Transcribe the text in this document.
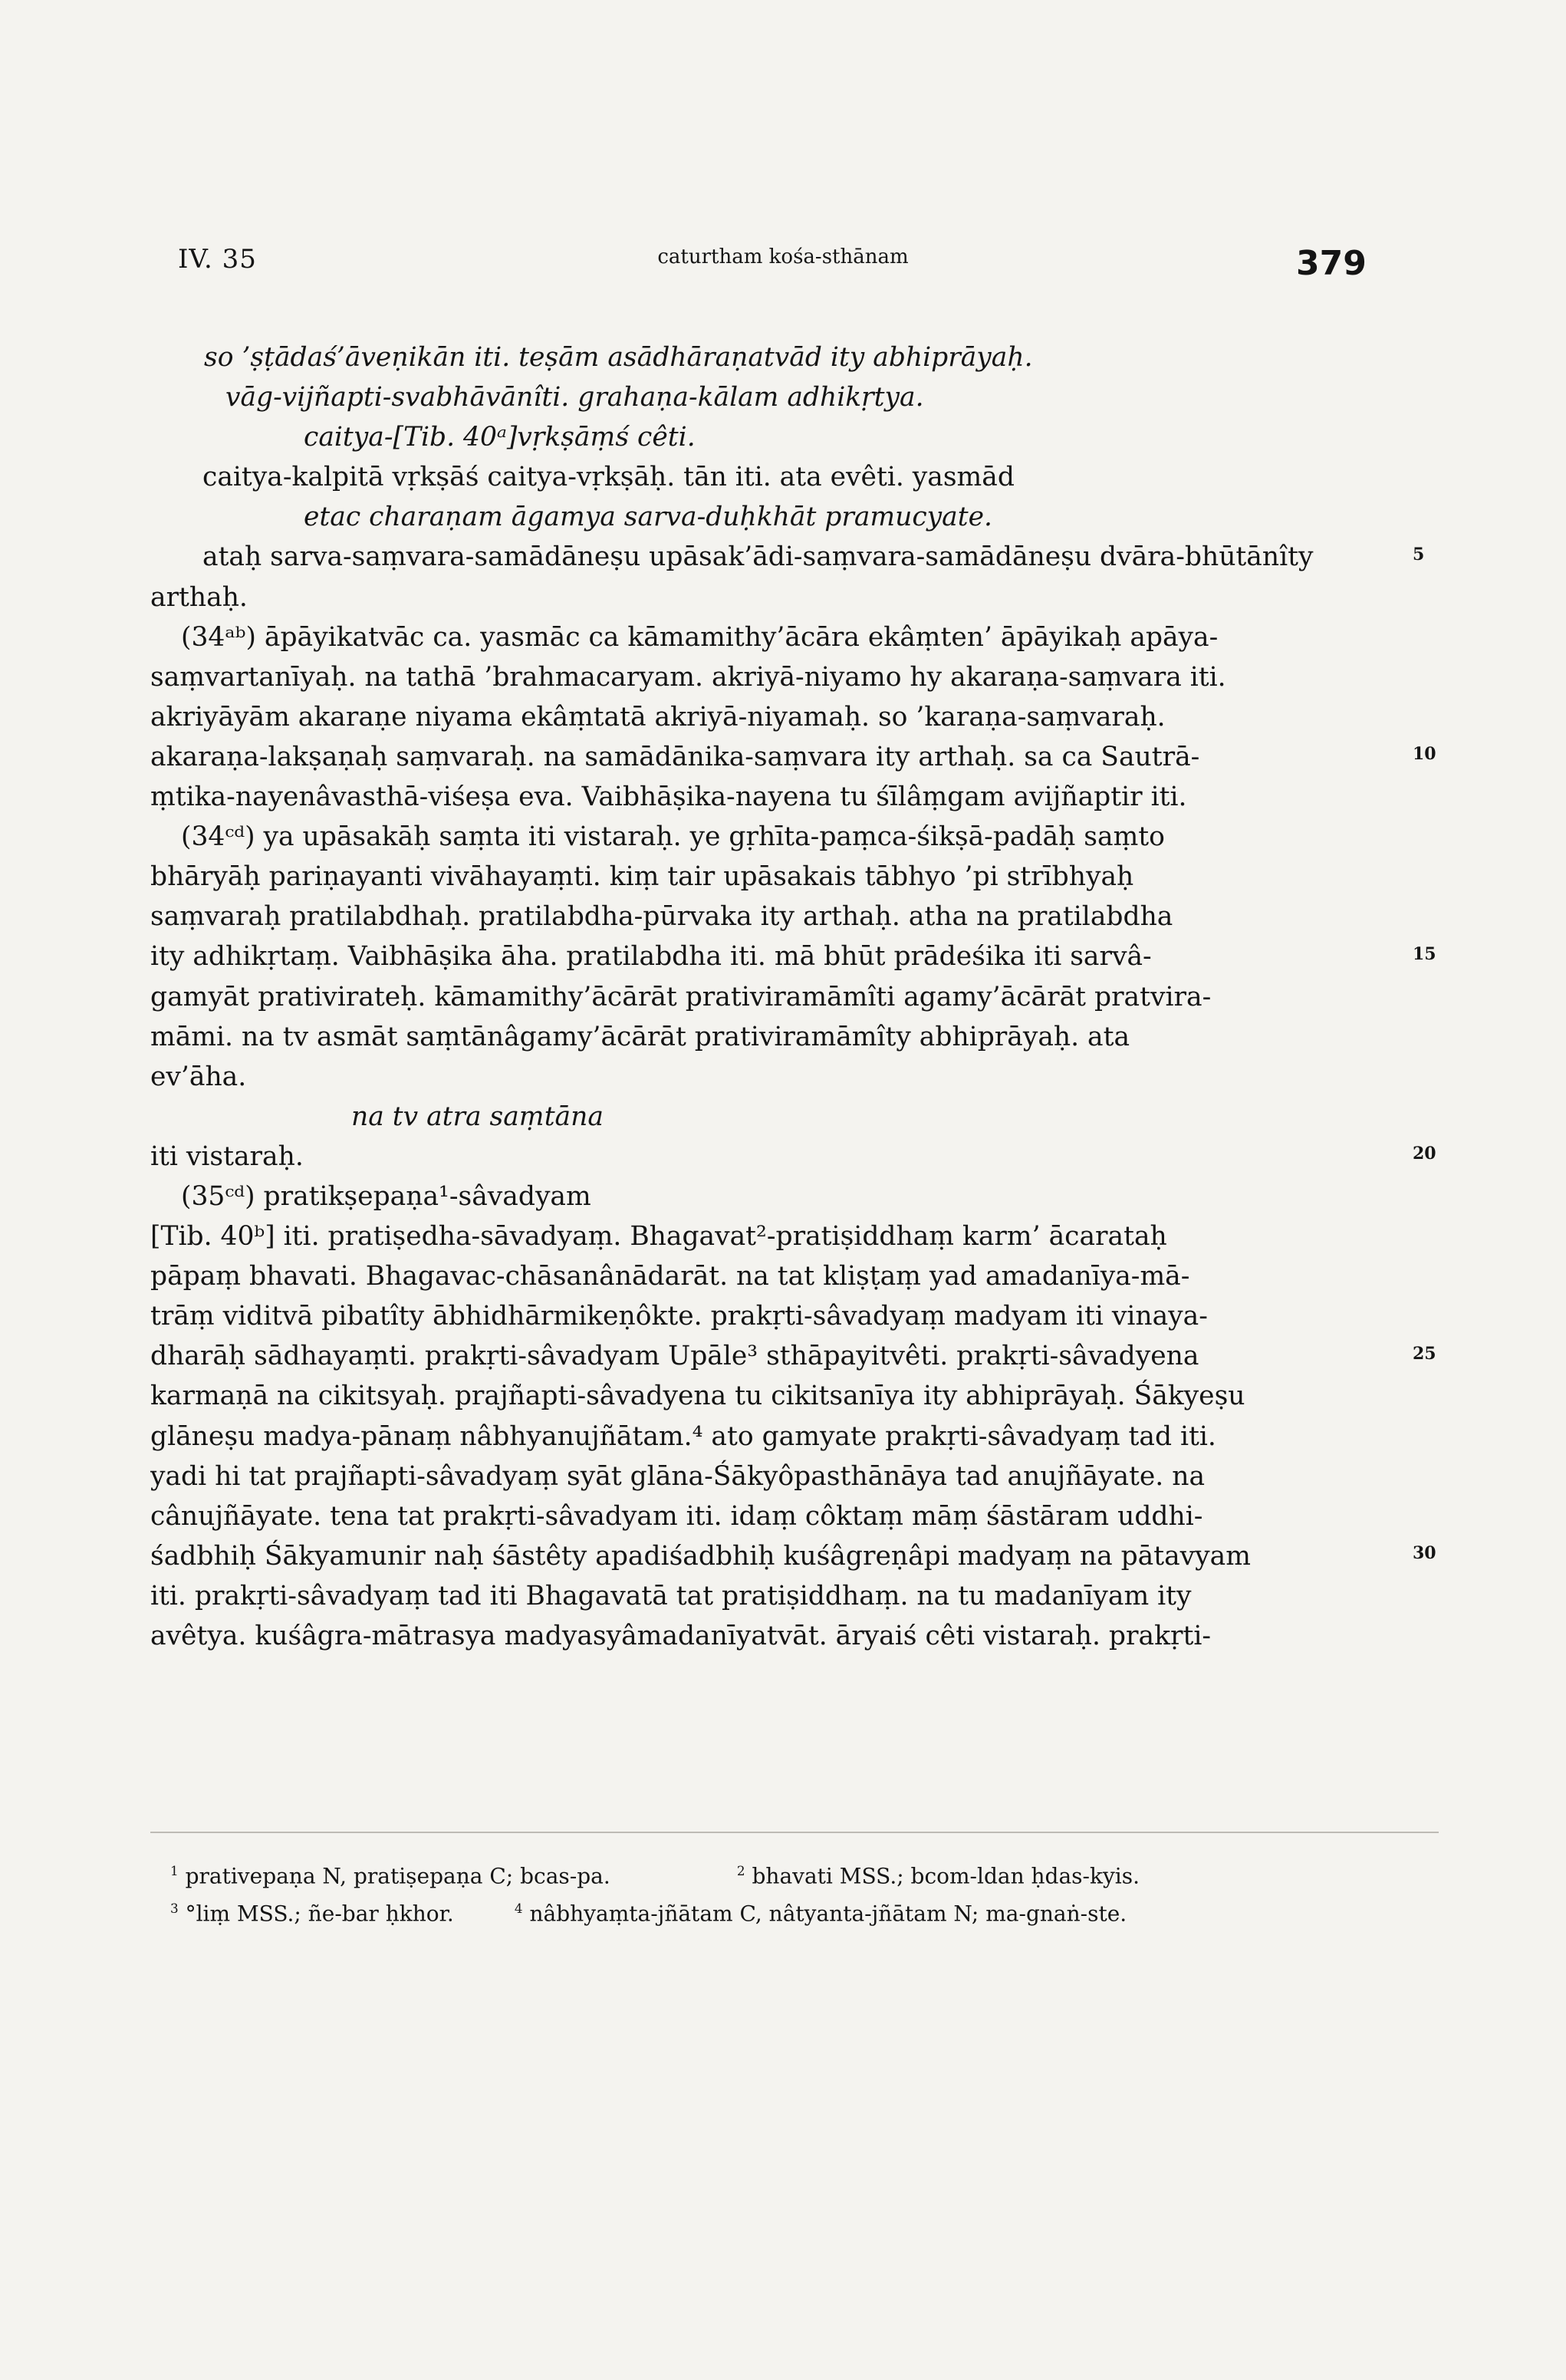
IV. 35	caturtham kośa-sthānam	379
so ’ṣṭādaś’āveṇikān iti. teṣām asādhāraṇatvād ity abhiprāyaḥ.
vāg-vijñapti-svabhāvānîti. grahaṇa-kālam adhikṛtya.
caitya-[Tib. 40ᵃ]vṛkṣāṃś cêti.
caitya-kalpitā vṛkṣāś caitya-vṛkṣāḥ. tān iti. ata evêti. yasmād
etac charaṇam āgamya sarva-duḥkhāt pramucyate.
ataḥ sarva-saṃvara-samādāneṣu upāsak’ādi-saṃvara-samādāneṣu dvāra-bhūtānîty
arthaḥ.
(34ᵃᵇ) āpāyikatvāc ca. yasmāc ca kāmamithy’ācāra ekâṃten’ āpāyikaḥ apāya-
saṃvartanīyaḥ. na tathā ’brahmacaryam. akriyā-niyamo hy akaraṇa-saṃvara iti.
akriyāyām akaraṇe niyama ekâṃtatā akriyā-niyamaḥ. so ’karaṇa-saṃvaraḥ.
akaraṇa-lakṣaṇaḥ saṃvaraḥ. na samādānika-saṃvara ity arthaḥ. sa ca Sautrā-
ṃtika-nayenâvasthā-viśeṣa eva. Vaibhāṣika-nayena tu śīlâṃgam avijñaptir iti.
(34ᶜᵈ) ya upāsakāḥ saṃta iti vistaraḥ. ye gṛhīta-paṃca-śikṣā-padāḥ saṃto
bhāryāḥ pariṇayanti vivāhayaṃti. kiṃ tair upāsakais tābhyo ’pi strībhyaḥ
saṃvaraḥ pratilabdhaḥ. pratilabdha-pūrvaka ity arthaḥ. atha na pratilabdha
ity adhikṛtaṃ. Vaibhāṣika āha. pratilabdha iti. mā bhūt prādeśika iti sarvâ-
gamyāt prativirateḥ. kāmamithy’ācārāt prativiramāmîti agamy’ācārāt pratvira-
māmi. na tv asmāt saṃtānâgamy’ācārāt prativiramāmîty abhiprāyaḥ. ata
ev’āha.
na tv atra saṃtāna
iti vistaraḥ.
(35ᶜᵈ) pratikṣepaṇa¹-sâvadyam
[Tib. 40ᵇ] iti. pratiṣedha-sāvadyaṃ. Bhagavat²-pratiṣiddhaṃ karm’ ācarataḥ
pāpaṃ bhavati. Bhagavac-chāsanânādarāt. na tat kliṣṭaṃ yad amadanīya-mā-
trāṃ viditvā pibatîty ābhidhārmikeṇôkte. prakṛti-sâvadyaṃ madyam iti vinaya-
dharāḥ sādhayaṃti. prakṛti-sâvadyam Upāle³ sthāpayitvêti. prakṛti-sâvadyena
karmaṇā na cikitsyaḥ. prajñapti-sâvadyena tu cikitsanīya ity abhiprāyaḥ. Śākyeṣu
glāneṣu madya-pānaṃ nâbhyanujñātam.⁴ ato gamyate prakṛti-sâvadyaṃ tad iti.
yadi hi tat prajñapti-sâvadyaṃ syāt glāna-Śākyôpasthānāya tad anujñāyate. na
cânujñāyate. tena tat prakṛti-sâvadyam iti. idaṃ côktaṃ māṃ śāstāram uddhi-
śadbhiḥ Śākyamunir naḥ śāstêty apadiśadbhiḥ kuśâgreṇâpi madyaṃ na pātavyam
iti. prakṛti-sâvadyaṃ tad iti Bhagavatā tat pratiṣiddhaṃ. na tu madanīyam ity
avêtya. kuśâgra-mātrasya madyasyâmadanīyatvāt. āryaiś cêti vistaraḥ. prakṛti-
5
10
15
20
25
30
$^1$ prativepaṇa N, pratiṣepaṇa C; bcas-pa.	$^2$ bhavati MSS.; bcom-ldan ḥdas-kyis.
$^3$ °liṃ MSS.; ñe-bar ḥkhor.	$^4$ nâbhyaṃta-jñātam C, nâtyanta-jñātam N; ma-gnaṅ-ste.
